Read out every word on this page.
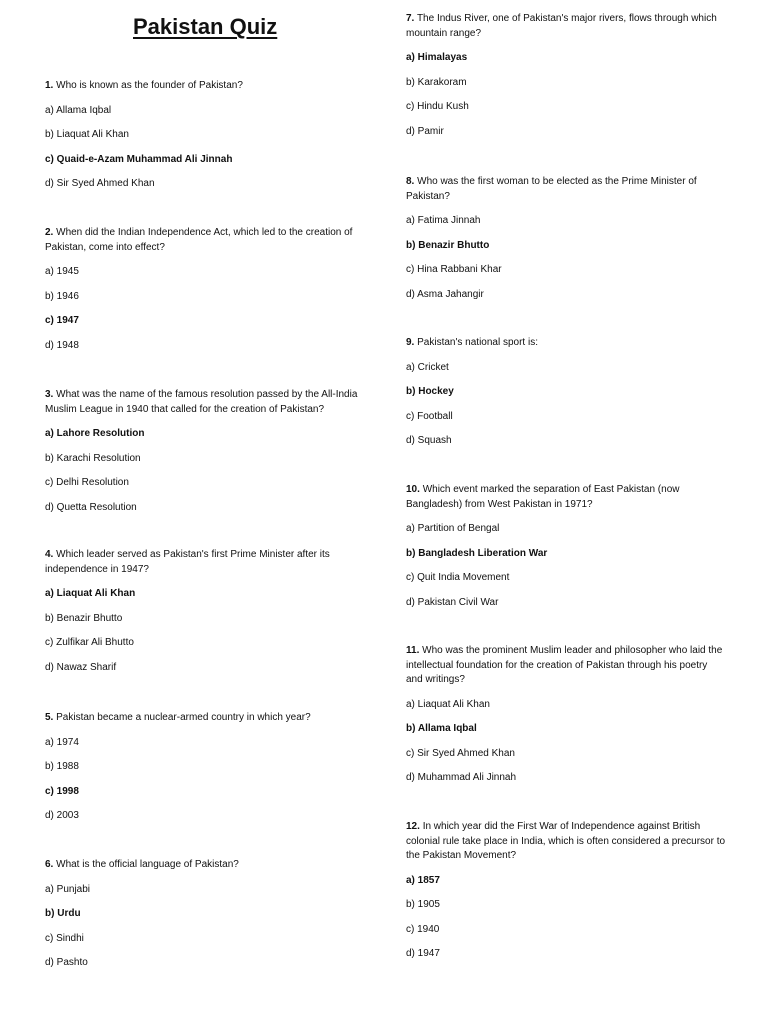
Pakistan Quiz

1. Who is known as the founder of Pakistan?

a) Allama Iqbal
b) Liaquat Ali Khan
c) Quaid-e-Azam Muhammad Ali Jinnah
d) Sir Syed Ahmed Khan

2. When did the Indian Independence Act, which led to the creation of Pakistan, come into effect?

a) 1945
b) 1946
c) 1947
d) 1948

3. What was the name of the famous resolution passed by the All-India Muslim League in 1940 that called for the creation of Pakistan?

a) Lahore Resolution
b) Karachi Resolution
c) Delhi Resolution
d) Quetta Resolution

4. Which leader served as Pakistan's first Prime Minister after its independence in 1947?

a) Liaquat Ali Khan
b) Benazir Bhutto
c) Zulfikar Ali Bhutto
d) Nawaz Sharif

5. Pakistan became a nuclear-armed country in which year?

a) 1974
b) 1988
c) 1998
d) 2003

6. What is the official language of Pakistan?

a) Punjabi
b) Urdu
c) Sindhi
d) Pashto

7. The Indus River, one of Pakistan's major rivers, flows through which mountain range?

a) Himalayas
b) Karakoram
c) Hindu Kush
d) Pamir

8. Who was the first woman to be elected as the Prime Minister of Pakistan?

a) Fatima Jinnah
b) Benazir Bhutto
c) Hina Rabbani Khar
d) Asma Jahangir

9. Pakistan's national sport is:

a) Cricket
b) Hockey
c) Football
d) Squash

10. Which event marked the separation of East Pakistan (now Bangladesh) from West Pakistan in 1971?

a) Partition of Bengal
b) Bangladesh Liberation War
c) Quit India Movement
d) Pakistan Civil War

11. Who was the prominent Muslim leader and philosopher who laid the intellectual foundation for the creation of Pakistan through his poetry and writings?

a) Liaquat Ali Khan
b) Allama Iqbal
c) Sir Syed Ahmed Khan
d) Muhammad Ali Jinnah

12. In which year did the First War of Independence against British colonial rule take place in India, which is often considered a precursor to the Pakistan Movement?

a) 1857
b) 1905
c) 1940
d) 1947
